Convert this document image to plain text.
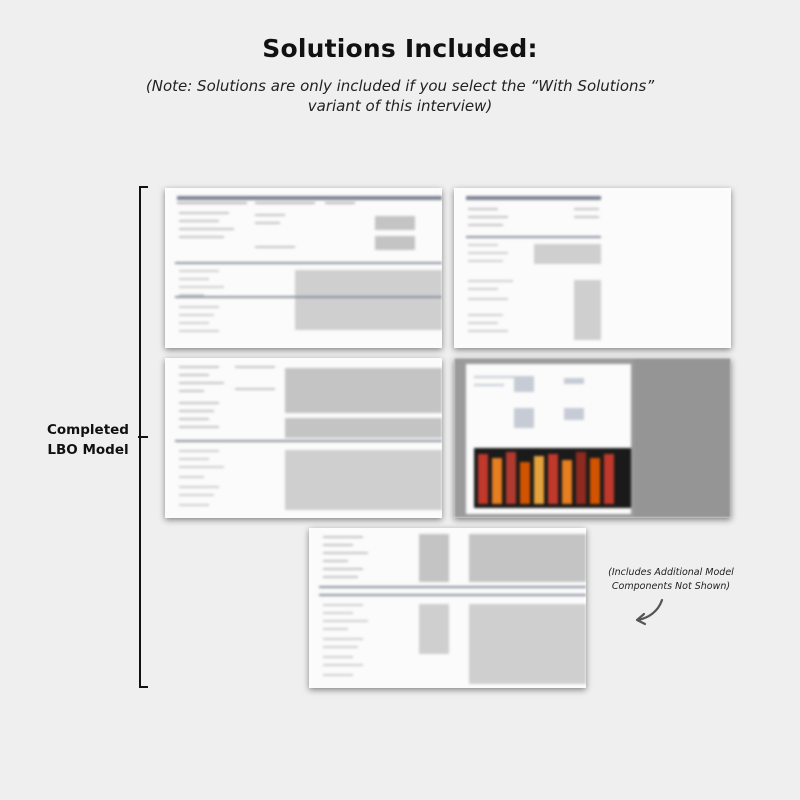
Solutions Included:
(Note: Solutions are only included if you select the “With Solutions” variant of this interview)
Completed LBO Model
(Includes Additional Model Components Not Shown)
